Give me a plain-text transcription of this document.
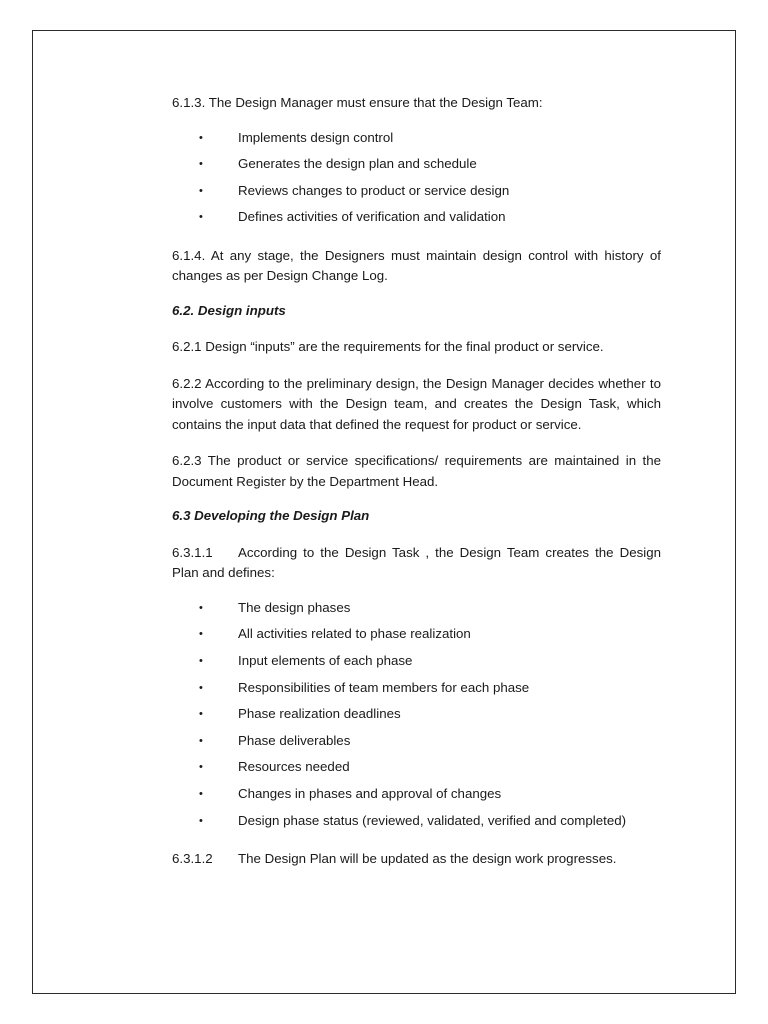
6.1.3. The Design Manager must ensure that the Design Team:

•	Implements design control
•	Generates the design plan and schedule
•	Reviews changes to product or service design
•	Defines activities of verification and validation

6.1.4. At any stage, the Designers must maintain design control with history of changes as per Design Change Log.

6.2. Design inputs

6.2.1 Design “inputs” are the requirements for the final product or service.

6.2.2 According to the preliminary design, the Design Manager decides whether to involve customers with the Design team, and creates the Design Task, which contains the input data that defined the request for product or service.

6.2.3 The product or service specifications/ requirements are maintained in the Document Register by the Department Head.

6.3 Developing the Design Plan

6.3.1.1	According to the Design Task , the Design Team creates the Design

Plan and defines:

•	The design phases
•	All activities related to phase realization
•	Input elements of each phase
•	Responsibilities of team members for each phase
•	Phase realization deadlines
•	Phase deliverables
•	Resources needed
•	Changes in phases and approval of changes
•	Design phase status (reviewed, validated, verified and completed)
6.3.1.2	The Design Plan will be updated as the design work progresses.
